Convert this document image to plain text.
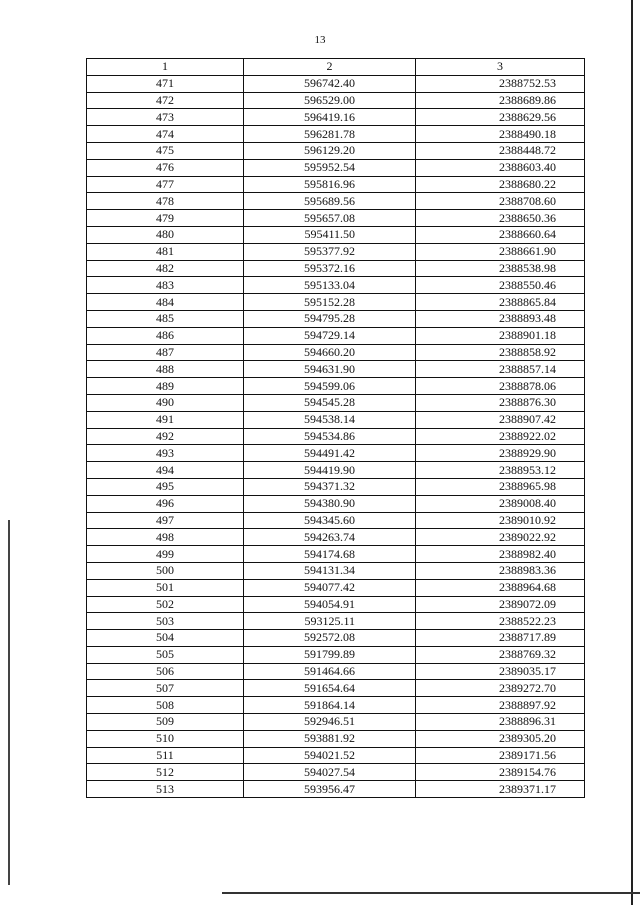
13
1	2	3
471	596742.40	2388752.53
472	596529.00	2388689.86
473	596419.16	2388629.56
474	596281.78	2388490.18
475	596129.20	2388448.72
476	595952.54	2388603.40
477	595816.96	2388680.22
478	595689.56	2388708.60
479	595657.08	2388650.36
480	595411.50	2388660.64
481	595377.92	2388661.90
482	595372.16	2388538.98
483	595133.04	2388550.46
484	595152.28	2388865.84
485	594795.28	2388893.48
486	594729.14	2388901.18
487	594660.20	2388858.92
488	594631.90	2388857.14
489	594599.06	2388878.06
490	594545.28	2388876.30
491	594538.14	2388907.42
492	594534.86	2388922.02
493	594491.42	2388929.90
494	594419.90	2388953.12
495	594371.32	2388965.98
496	594380.90	2389008.40
497	594345.60	2389010.92
498	594263.74	2389022.92
499	594174.68	2388982.40
500	594131.34	2388983.36
501	594077.42	2388964.68
502	594054.91	2389072.09
503	593125.11	2388522.23
504	592572.08	2388717.89
505	591799.89	2388769.32
506	591464.66	2389035.17
507	591654.64	2389272.70
508	591864.14	2388897.92
509	592946.51	2388896.31
510	593881.92	2389305.20
511	594021.52	2389171.56
512	594027.54	2389154.76
513	593956.47	2389371.17
